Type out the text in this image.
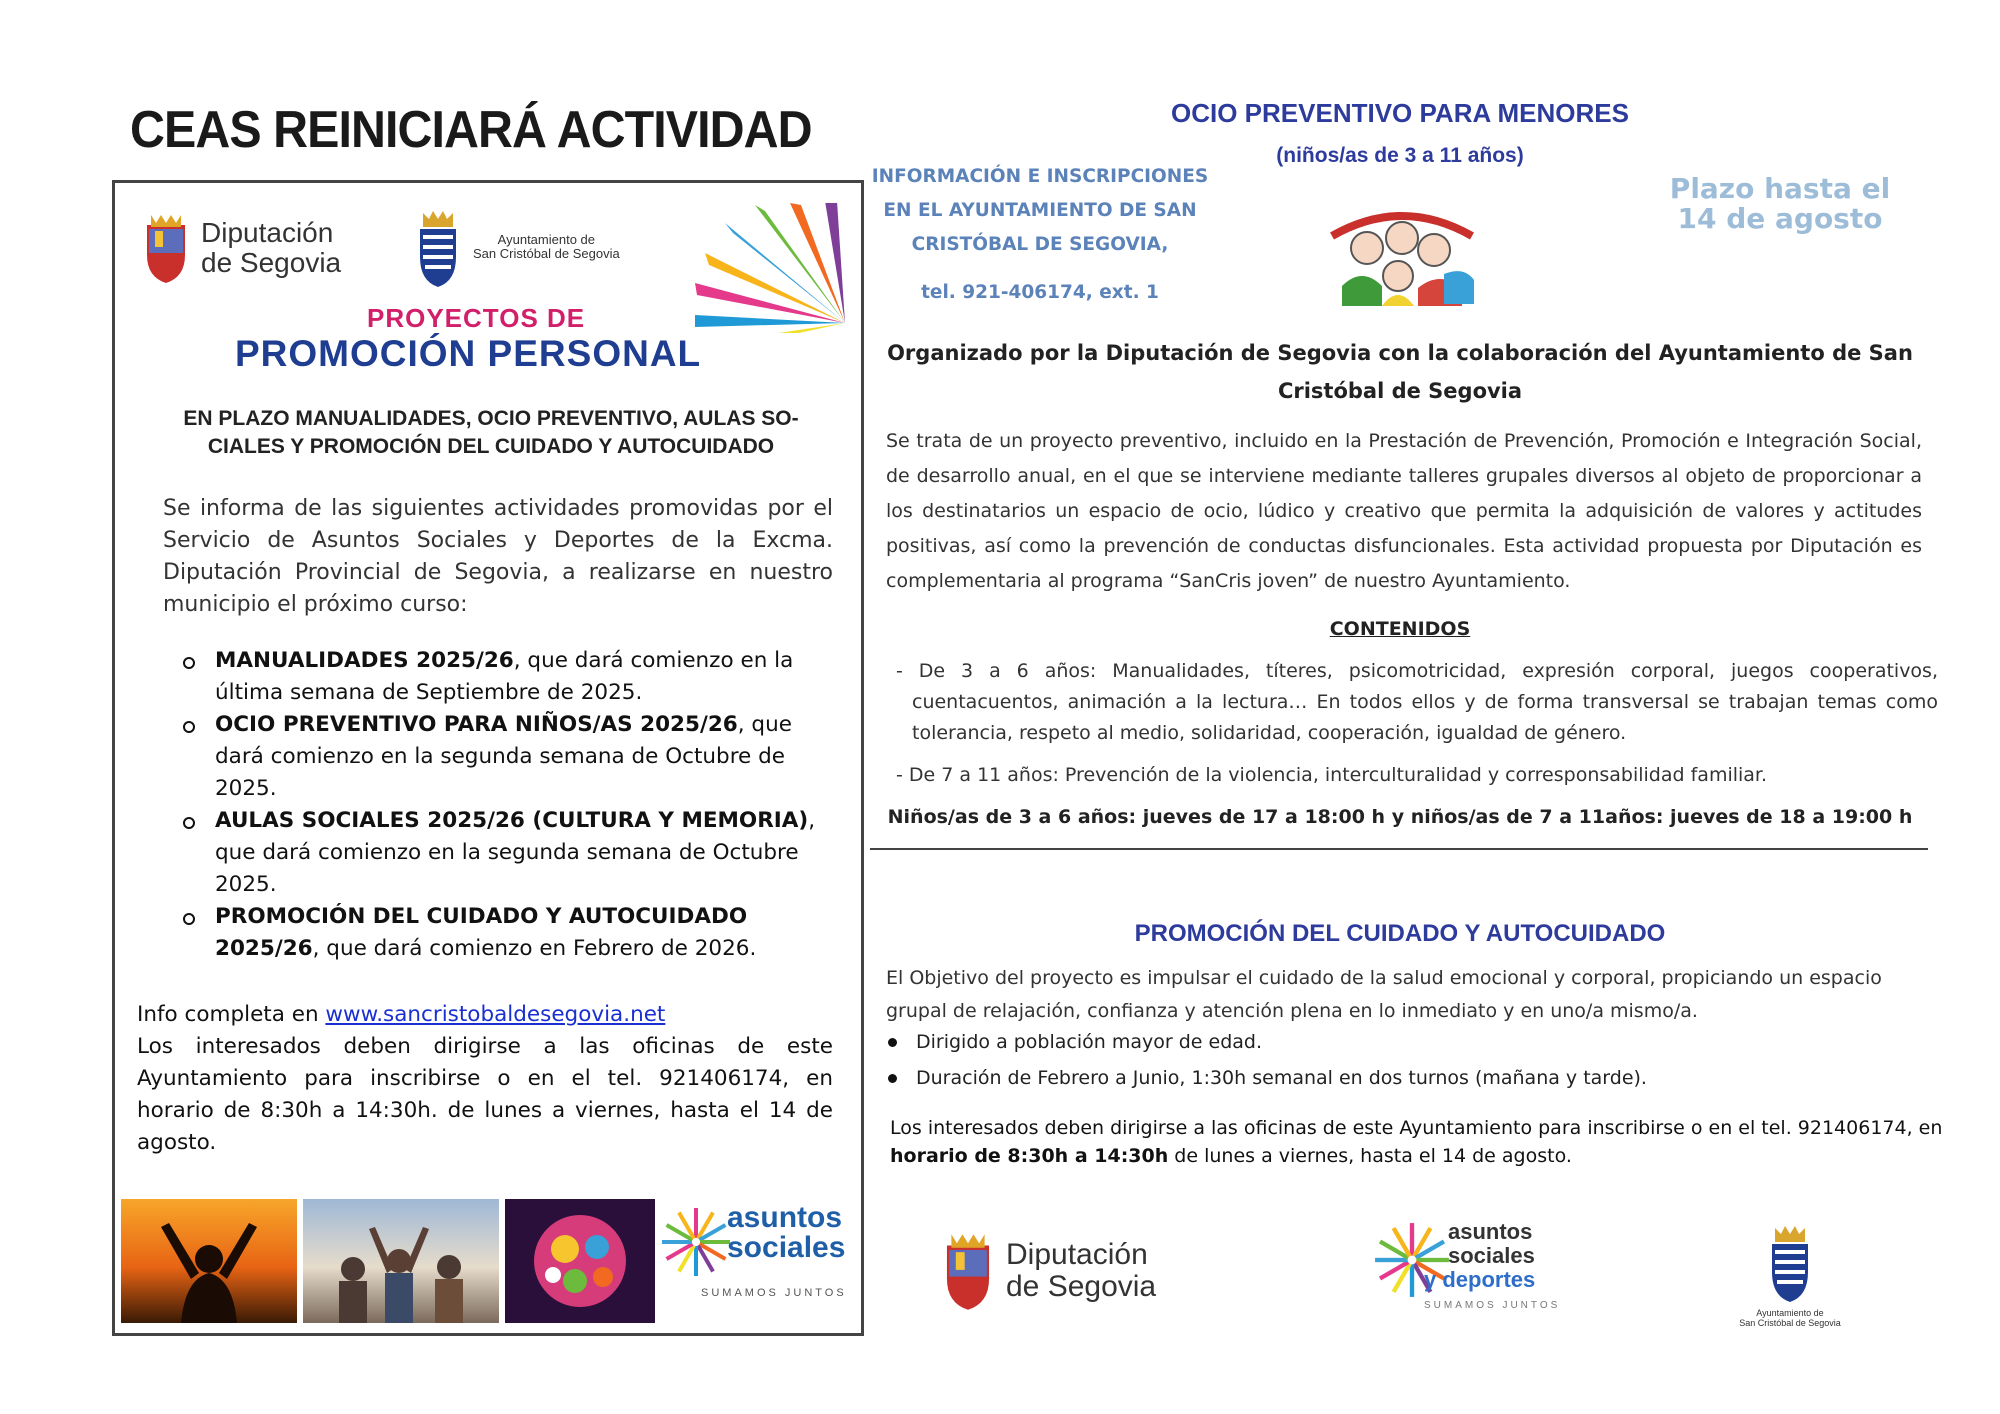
CEAS REINICIARÁ ACTIVIDAD
Diputación
de Segovia
Ayuntamiento de
San Cristóbal de Segovia
PROYECTOS DE
PROMOCIÓN PERSONAL
EN PLAZO MANUALIDADES, OCIO PREVENTIVO, AULAS SO-
CIALES Y PROMOCIÓN DEL CUIDADO Y AUTOCUIDADO
Se informa de las siguientes actividades promovidas por el Servicio de Asuntos Sociales y Deportes de la Excma. Diputación Provincial de Segovia, a realizarse en nuestro municipio el próximo curso:
MANUALIDADES 2025/26, que dará comienzo en la última semana de Septiembre de 2025.
OCIO PREVENTIVO PARA NIÑOS/AS 2025/26, que dará comienzo en la segunda semana de Octubre de 2025.
AULAS SOCIALES 2025/26 (CULTURA Y MEMORIA), que dará comienzo en la segunda semana de Octubre 2025.
PROMOCIÓN DEL CUIDADO Y AUTOCUIDADO 2025/26, que dará comienzo en Febrero de 2026.
Info completa en www.sancristobaldesegovia.net
Los interesados deben dirigirse a las oficinas de este Ayuntamiento para inscribirse o en el tel. 921406174, en horario de 8:30h a 14:30h. de lunes a viernes, hasta el 14 de agosto.
asuntos
sociales
SUMAMOS JUNTOS
OCIO PREVENTIVO PARA MENORES
(niños/as de 3 a 11 años)
INFORMACIÓN E INSCRIPCIONES
EN EL AYUNTAMIENTO DE SAN
CRISTÓBAL DE SEGOVIA,
tel. 921-406174, ext. 1
Plazo hasta el
14 de agosto
Organizado por la Diputación de Segovia con la colaboración del Ayuntamiento de San
Cristóbal de Segovia
Se trata de un proyecto preventivo, incluido en la Prestación de Prevención, Promoción e Integración Social, de desarrollo anual, en el que se interviene mediante talleres grupales diversos al objeto de proporcionar a los destinatarios un espacio de ocio, lúdico y creativo que permita la adquisición de valores y actitudes positivas, así como la prevención de conductas disfuncionales. Esta actividad propuesta por Diputación es complementaria al programa “SanCris joven” de nuestro Ayuntamiento.
CONTENIDOS
- De 3 a 6 años: Manualidades, títeres, psicomotricidad, expresión corporal, juegos cooperativos, cuentacuentos, animación a la lectura… En todos ellos y de forma transversal se trabajan temas como tolerancia, respeto al medio, solidaridad, cooperación, igualdad de género.
- De 7 a 11 años: Prevención de la violencia, interculturalidad y corresponsabilidad familiar.
Niños/as de 3 a 6 años: jueves de 17 a 18:00 h y niños/as de 7 a 11años: jueves de 18 a 19:00 h
PROMOCIÓN DEL CUIDADO Y AUTOCUIDADO
El Objetivo del proyecto es impulsar el cuidado de la salud emocional y corporal, propiciando un espacio grupal de relajación, confianza y atención plena en lo inmediato y en uno/a mismo/a.
Dirigido a población mayor de edad.
Duración de Febrero a Junio, 1:30h semanal en dos turnos (mañana y tarde).
Los interesados deben dirigirse a las oficinas de este Ayuntamiento para inscribirse o en el tel. 921406174, en horario de 8:30h a 14:30h de lunes a viernes, hasta el 14 de agosto.
Diputación
de Segovia
asuntos
sociales
y deportes
SUMAMOS JUNTOS
Ayuntamiento de
San Cristóbal de Segovia
